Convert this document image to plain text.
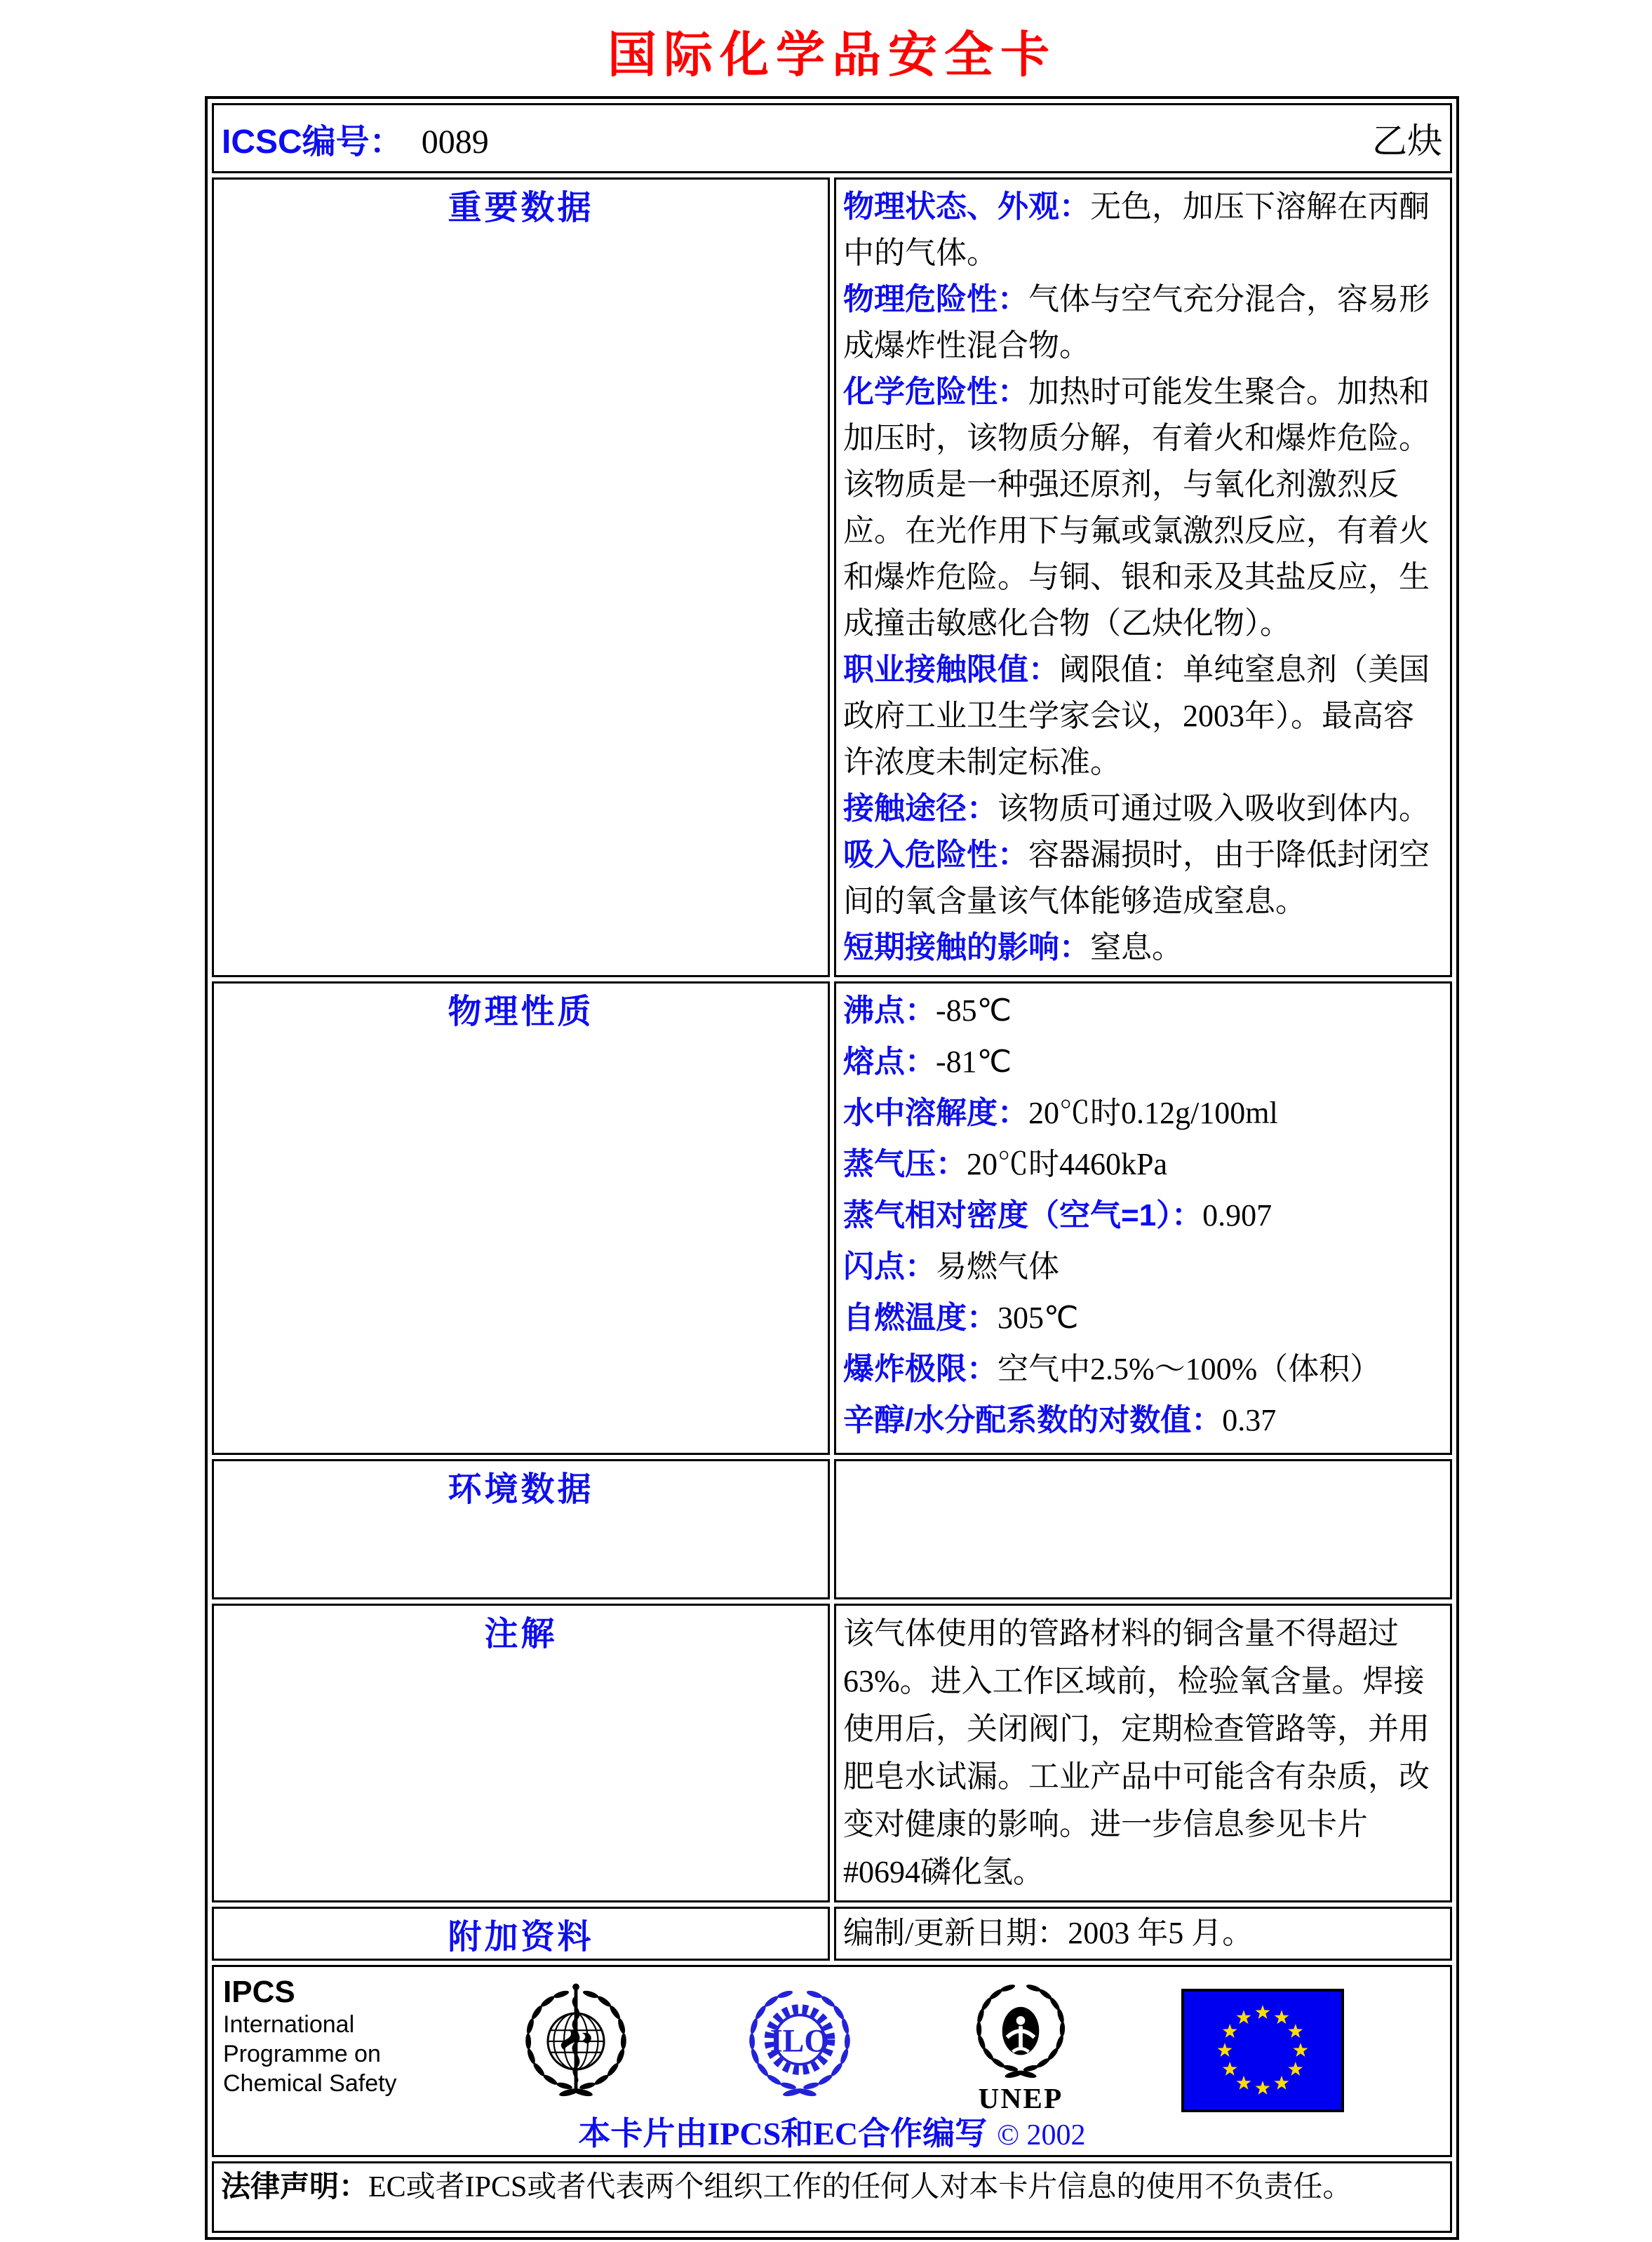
国际化学品安全卡
ICSC编号： 0089 乙炔	

重要数据	物理状态、外观：无色，加压下溶解在丙酮中的气体。
物理危险性：气体与空气充分混合，容易形成爆炸性混合物。
化学危险性：加热时可能发生聚合。加热和加压时，该物质分解，有着火和爆炸危险。该物质是一种强还原剂，与氧化剂激烈反应。在光作用下与氟或氯激烈反应，有着火和爆炸危险。与铜、银和汞及其盐反应，生成撞击敏感化合物（乙炔化物）。
职业接触限值：阈限值：单纯窒息剂（美国政府工业卫生学家会议，2003年）。最高容许浓度未制定标准。
接触途径：该物质可通过吸入吸收到体内。
吸入危险性：容器漏损时，由于降低封闭空间的氧含量该气体能够造成窒息。
短期接触的影响：窒息。

物理性质	沸点：-85℃
熔点：-81℃
水中溶解度：20℃时0.12g/100ml
蒸气压：20℃时4460kPa
蒸气相对密度（空气=1）：0.907
闪点：易燃气体
自燃温度：305℃
爆炸极限：空气中2.5%～100%（体积）
辛醇/水分配系数的对数值：0.37

环境数据	
注解	该气体使用的管路材料的铜含量不得超过63%。进入工作区域前，检验氧含量。焊接使用后，关闭阀门，定期检查管路等，并用肥皂水试漏。工业产品中可能含有杂质，改变对健康的影响。进一步信息参见卡片#0694磷化氢。

附加资料	编制/更新日期：2003 年5 月。

IPCS
International
Programme on
Chemical Safety
ILO
UNEP
本卡片由IPCS和EC合作编写 © 2002

法律声明：EC或者IPCS或者代表两个组织工作的任何人对本卡片信息的使用不负责任。	
